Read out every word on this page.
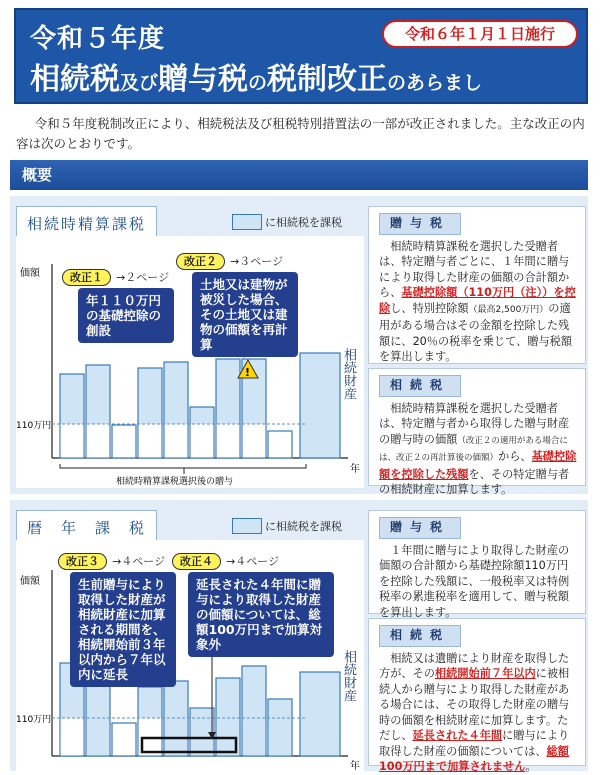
令和５年度
相続税及び贈与税の税制改正のあらまし
令和６年１月１日施行
令和５年度税制改正により、相続税法及び租税特別措置法の一部が改正されました。主な改正の内容は次のとおりです。
概要
相続時精算課税	に相続税を課税
価額
110万円
年
相続時精算課税選択後の贈与
!	相続財産
改正１ →２ページ
年１１０万円の基礎控除の創設
改正２ →３ページ
土地又は建物が被災した場合、その土地又は建物の価額を再計算
贈与税
相続時精算課税を選択した受贈者は、特定贈与者ごとに、１年間に贈与により取得した財産の価額の合計額から、基礎控除額（110万円（注））を控除し、特別控除額（最高2,500万円）の適用がある場合はその金額を控除した残額に、20％の税率を乗じて、贈与税額を算出します。
相続税
相続時精算課税を選択した受贈者は、特定贈与者から取得した贈与財産の贈与時の価額（改正２の適用がある場合には、改正２の再計算後の価額）から、基礎控除額を控除した残額を、その特定贈与者の相続財産に加算します。
暦　年　課　税	に相続税を課税
価額
110万円
年
相続財産
改正３ →４ページ
生前贈与により取得した財産が相続財産に加算される期間を、相続開始前３年以内から７年以内に延長
改正４ →４ページ
延長された４年間に贈与により取得した財産の価額については、総額100万円まで加算対象外
贈与税
１年間に贈与により取得した財産の価額の合計額から基礎控除額110万円を控除した残額に、一般税率又は特例税率の累進税率を適用して、贈与税額を算出します。
相続税
相続又は遺贈により財産を取得した方が、その相続開始前７年以内に被相続人から贈与により取得した財産がある場合には、その取得した財産の贈与時の価額を相続財産に加算します。ただし、延長された４年間に贈与により取得した財産の価額については、総額100万円まで加算されません。
